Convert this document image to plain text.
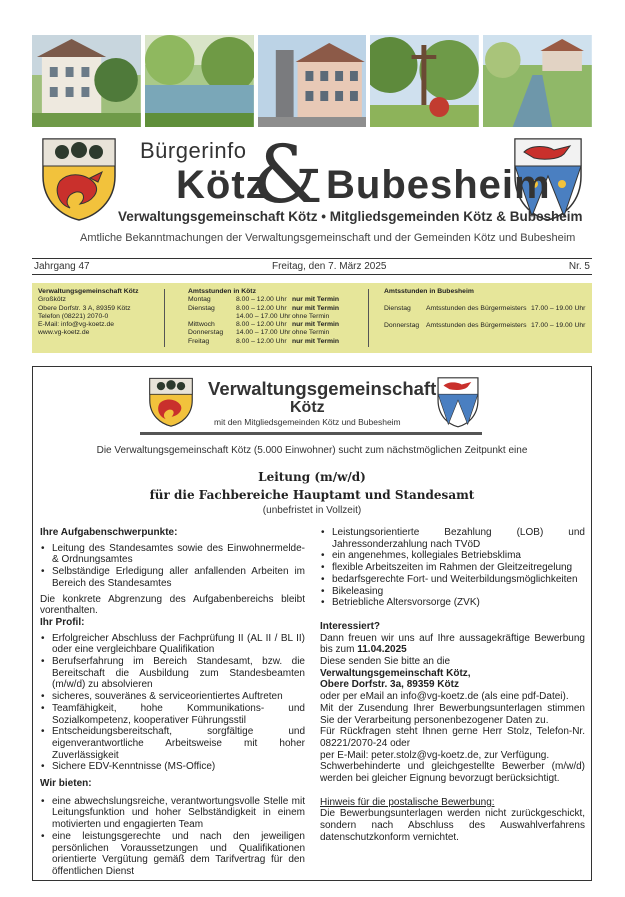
Bürgerinfo
Kötz
& Bubesheim
Verwaltungsgemeinschaft Kötz • Mitgliedsgemeinden Kötz & Bubesheim
Amtliche Bekanntmachungen der Verwaltungsgemeinschaft und der Gemeinden Kötz und Bubesheim
Jahrgang 47	Freitag, den 7. März 2025	Nr. 5
Verwaltungsgemeinschaft Kötz
Großkötz
Obere Dorfstr. 3 A, 89359 Kötz
Telefon (08221) 2070-0
E-Mail: info@vg-koetz.de
www.vg-koetz.de
Amtsstunden in Kötz
Montag	8.00 – 12.00 Uhr nur mit Termin
Dienstag	8.00 – 12.00 Uhr nur mit Termin
14.00 – 17.00 Uhr ohne Termin
Mittwoch	8.00 – 12.00 Uhr nur mit Termin
Donnerstag	14.00 – 17.00 Uhr ohne Termin
Freitag	8.00 – 12.00 Uhr nur mit Termin
Amtsstunden in Bubesheim
Dienstag	Amtsstunden des Bürgermeisters 17.00 – 19.00 Uhr
Donnerstag	Amtsstunden des Bürgermeisters 17.00 – 19.00 Uhr
Verwaltungsgemeinschaft
Kötz
mit den Mitgliedsgemeinden Kötz und Bubesheim
Die Verwaltungsgemeinschaft Kötz (5.000 Einwohner) sucht zum nächstmöglichen Zeitpunkt eine
Leitung (m/w/d)
für die Fachbereiche Hauptamt und Standesamt
(unbefristet in Vollzeit)
Ihre Aufgabenschwerpunkte:
• Leitung des Standesamtes sowie des Einwohnermelde- & Ordnungsamtes
• Selbständige Erledigung aller anfallenden Arbeiten im Bereich des Standesamtes

Die konkrete Abgrenzung des Aufgabenbereichs bleibt vorenthalten.

Ihr Profil:
• Erfolgreicher Abschluss der Fachprüfung II (AL II / BL II) oder eine vergleichbare Qualifikation
• Berufserfahrung im Bereich Standesamt, bzw. die Bereitschaft die Ausbildung zum Standesbeamten (m/w/d) zu absolvieren
• sicheres, souveränes & serviceorientiertes Auftreten
• Teamfähigkeit, hohe Kommunikations- und Sozialkompetenz, kooperativer Führungsstil
• Entscheidungsbereitschaft, sorgfältige und eigenverantwortliche Arbeitsweise mit hoher Zuverlässigkeit
• Sichere EDV-Kenntnisse (MS-Office)
Wir bieten:
• eine abwechslungsreiche, verantwortungsvolle Stelle mit Leitungsfunktion und hoher Selbständigkeit in einem motivierten und engagierten Team
• eine leistungsgerechte und nach den jeweiligen persönlichen Voraussetzungen und Qualifikationen orientierte Vergütung gemäß dem Tarifvertrag für den öffentlichen Dienst
• Leistungsorientierte Bezahlung (LOB) und Jahressonderzahlung nach TVöD
• ein angenehmes, kollegiales Betriebsklima
• flexible Arbeitszeiten im Rahmen der Gleitzeitregelung
• bedarfsgerechte Fort- und Weiterbildungsmöglichkeiten
• Bikeleasing
• Betriebliche Altersvorsorge (ZVK)
Interessiert?

Dann freuen wir uns auf Ihre aussagekräftige Bewerbung bis zum 11.04.2025

Diese senden Sie bitte an die

Verwaltungsgemeinschaft Kötz,

Obere Dorfstr. 3a, 89359 Kötz

oder per eMail an info@vg-koetz.de (als eine pdf-Datei).

Mit der Zusendung Ihrer Bewerbungsunterlagen stimmen Sie der Verarbeitung personenbezogener Daten zu.

Für Rückfragen steht Ihnen gerne Herr Stolz, Telefon-Nr. 08221/2070-24 oder

per E-Mail: peter.stolz@vg-koetz.de, zur Verfügung.

Schwerbehinderte und gleichgestellte Bewerber (m/w/d) werden bei gleicher Eignung bevorzugt berücksichtigt.

Hinweis für die postalische Bewerbung:

Die Bewerbungsunterlagen werden nicht zurückgeschickt, sondern nach Abschluss des Auswahlverfahrens datenschutzkonform vernichtet.
